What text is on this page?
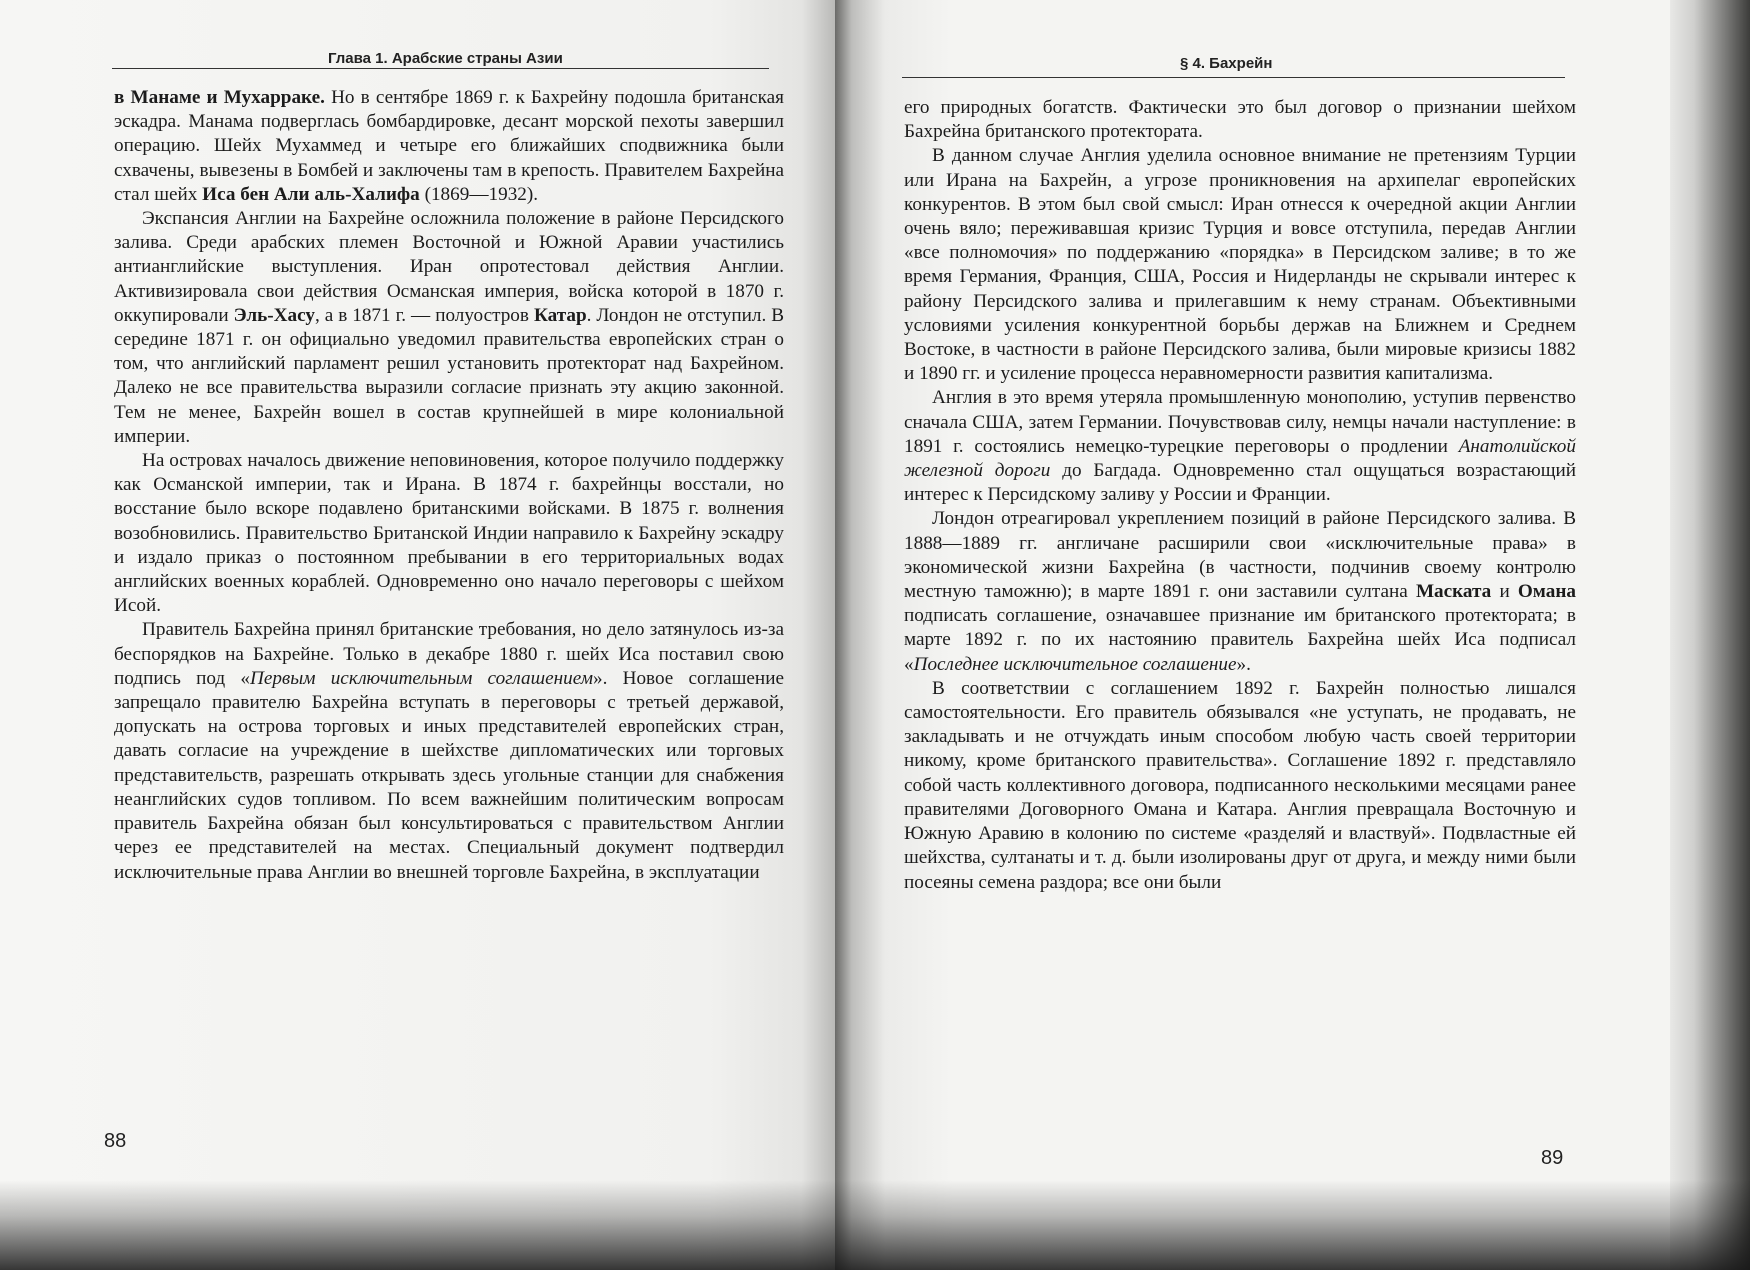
Глава 1. Арабские страны Азии

в Манаме и Мухарраке. Но в сентябре 1869 г. к Бахрейну подошла британская эскадра. Манама подверглась бомбардировке, десант морской пехоты завершил операцию. Шейх Мухаммед и четыре его ближайших сподвижника были схвачены, вывезены в Бомбей и заключены там в крепость. Правителем Бахрейна стал шейх Иса бен Али аль-Халифа (1869—1932).

Экспансия Англии на Бахрейне осложнила положение в районе Персидского залива. Среди арабских племен Восточной и Южной Аравии участились антианглийские выступления. Иран опротестовал действия Англии. Активизировала свои действия Османская империя, войска которой в 1870 г. оккупировали Эль-Хасу, а в 1871 г. — полуостров Катар. Лондон не отступил. В середине 1871 г. он официально уведомил правительства европейских стран о том, что английский парламент решил установить протекторат над Бахрейном. Далеко не все правительства выразили согласие признать эту акцию законной. Тем не менее, Бахрейн вошел в состав крупнейшей в мире колониальной империи.

На островах началось движение неповиновения, которое получило поддержку как Османской империи, так и Ирана. В 1874 г. бахрейнцы восстали, но восстание было вскоре подавлено британскими войсками. В 1875 г. волнения возобновились. Правительство Британской Индии направило к Бахрейну эскадру и издало приказ о постоянном пребывании в его территориальных водах английских военных кораблей. Одновременно оно начало переговоры с шейхом Исой.

Правитель Бахрейна принял британские требования, но дело затянулось из-за беспорядков на Бахрейне. Только в декабре 1880 г. шейх Иса поставил свою подпись под «Первым исключительным соглашением». Новое соглашение запрещало правителю Бахрейна вступать в переговоры с третьей державой, допускать на острова торговых и иных представителей европейских стран, давать согласие на учреждение в шейхстве дипломатических или торговых представительств, разрешать открывать здесь угольные станции для снабжения неанглийских судов топливом. По всем важнейшим политическим вопросам правитель Бахрейна обязан был консультироваться с правительством Англии через ее представителей на местах. Специальный документ подтвердил исключительные права Англии во внешней торговле Бахрейна, в эксплуатации

88
§ 4. Бахрейн

его природных богатств. Фактически это был договор о признании шейхом Бахрейна британского протектората.

В данном случае Англия уделила основное внимание не претензиям Турции или Ирана на Бахрейн, а угрозе проникновения на архипелаг европейских конкурентов. В этом был свой смысл: Иран отнесся к очередной акции Англии очень вяло; переживавшая кризис Турция и вовсе отступила, передав Англии «все полномочия» по поддержанию «порядка» в Персидском заливе; в то же время Германия, Франция, США, Россия и Нидерланды не скрывали интерес к району Персидского залива и прилегавшим к нему странам. Объективными условиями усиления конкурентной борьбы держав на Ближнем и Среднем Востоке, в частности в районе Персидского залива, были мировые кризисы 1882 и 1890 гг. и усиление процесса неравномерности развития капитализма.

Англия в это время утеряла промышленную монополию, уступив первенство сначала США, затем Германии. Почувствовав силу, немцы начали наступление: в 1891 г. состоялись немецко-турецкие переговоры о продлении Анатолийской железной дороги до Багдада. Одновременно стал ощущаться возрастающий интерес к Персидскому заливу у России и Франции.

Лондон отреагировал укреплением позиций в районе Персидского залива. В 1888—1889 гг. англичане расширили свои «исключительные права» в экономической жизни Бахрейна (в частности, подчинив своему контролю местную таможню); в марте 1891 г. они заставили султана Маската и Омана подписать соглашение, означавшее признание им британского протектората; в марте 1892 г. по их настоянию правитель Бахрейна шейх Иса подписал «Последнее исключительное соглашение».

В соответствии с соглашением 1892 г. Бахрейн полностью лишался самостоятельности. Его правитель обязывался «не уступать, не продавать, не закладывать и не отчуждать иным способом любую часть своей территории никому, кроме британского правительства». Соглашение 1892 г. представляло собой часть коллективного договора, подписанного несколькими месяцами ранее правителями Договорного Омана и Катара. Англия превращала Восточную и Южную Аравию в колонию по системе «разделяй и властвуй». Подвластные ей шейхства, султанаты и т. д. были изолированы друг от друга, и между ними были посеяны семена раздора; все они были

89
